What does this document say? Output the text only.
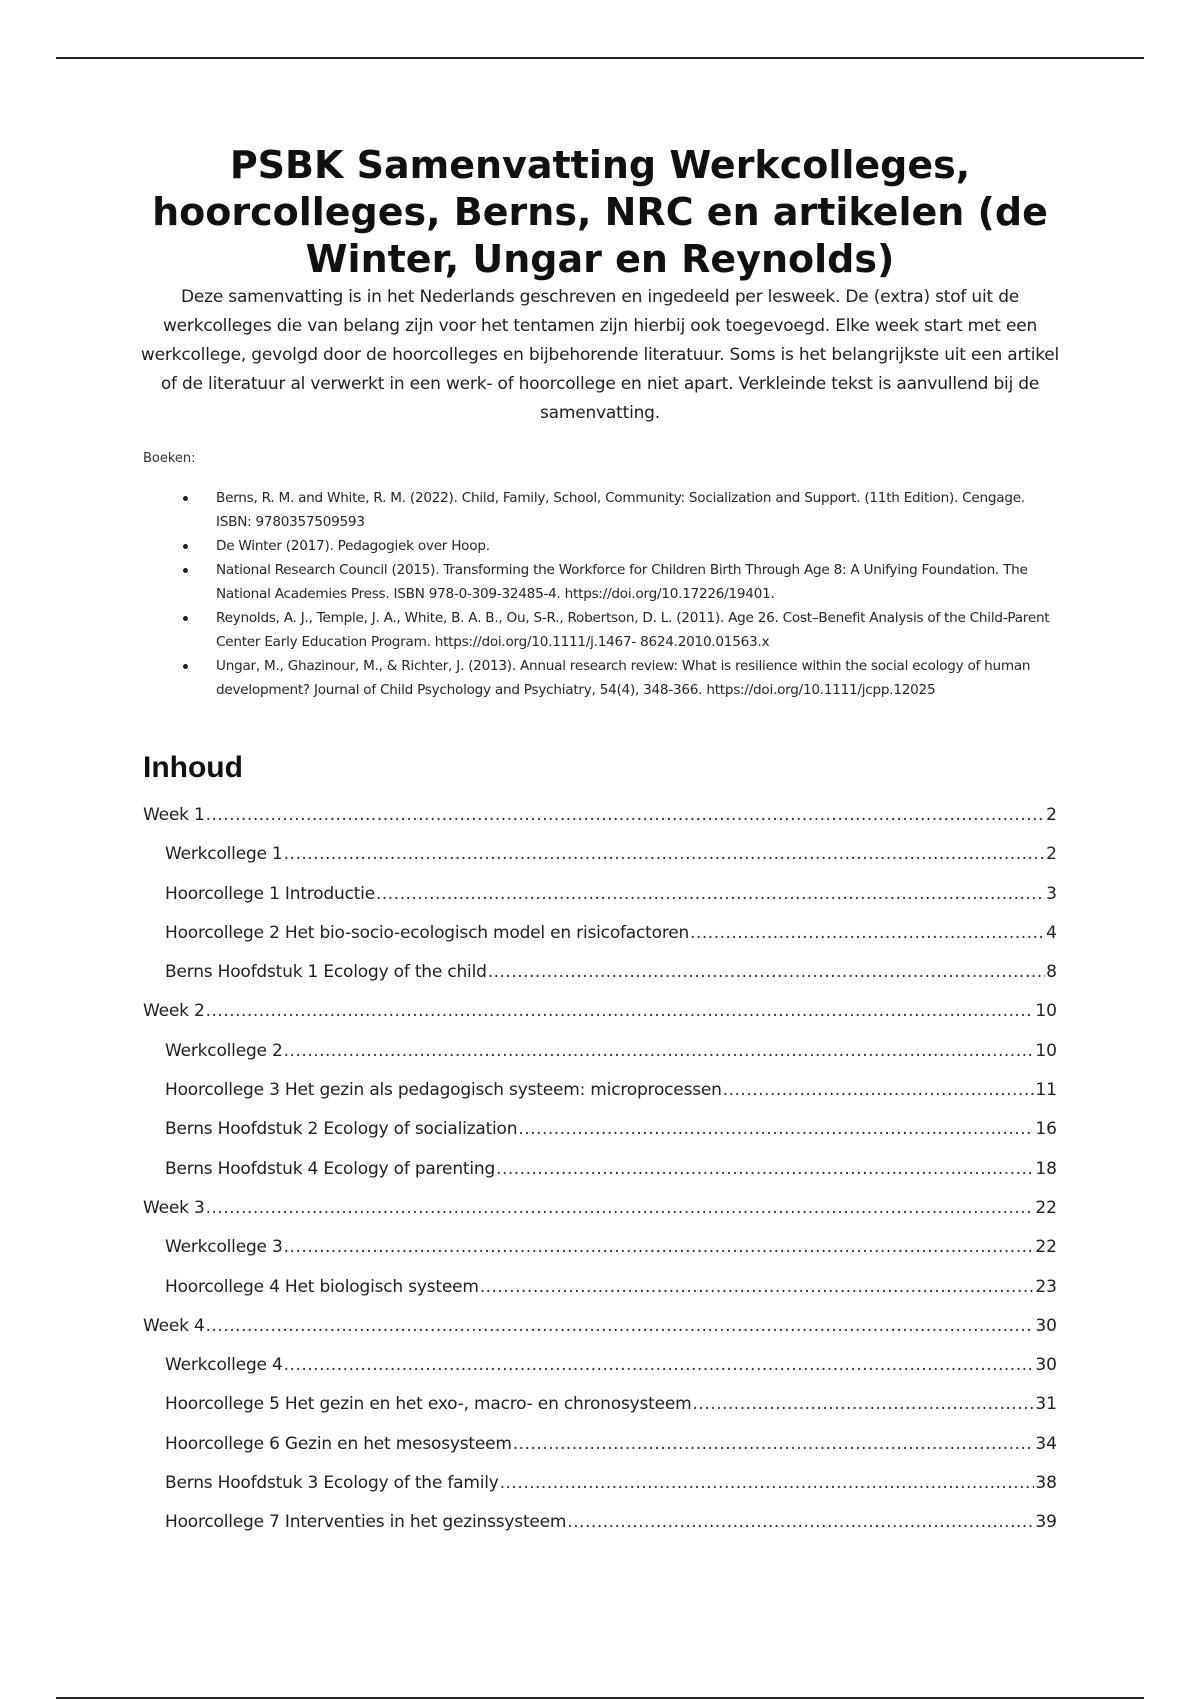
PSBK Samenvatting Werkcolleges, hoorcolleges, Berns, NRC en artikelen (de Winter, Ungar en Reynolds)

Deze samenvatting is in het Nederlands geschreven en ingedeeld per lesweek. De (extra) stof uit de werkcolleges die van belang zijn voor het tentamen zijn hierbij ook toegevoegd. Elke week start met een werkcollege, gevolgd door de hoorcolleges en bijbehorende literatuur. Soms is het belangrijkste uit een artikel of de literatuur al verwerkt in een werk- of hoorcollege en niet apart. Verkleinde tekst is aanvullend bij de samenvatting.

Boeken:

Berns, R. M. and White, R. M. (2022). Child, Family, School, Community: Socialization and Support. (11th Edition). Cengage. ISBN: 9780357509593
De Winter (2017). Pedagogiek over Hoop.
National Research Council (2015). Transforming the Workforce for Children Birth Through Age 8: A Unifying Foundation. The National Academies Press. ISBN 978-0-309-32485-4. https://doi.org/10.17226/19401.
Reynolds, A. J., Temple, J. A., White, B. A. B., Ou, S-R., Robertson, D. L. (2011). Age 26. Cost–Benefit Analysis of the Child-Parent Center Early Education Program. https://doi.org/10.1111/j.1467- 8624.2010.01563.x
Ungar, M., Ghazinour, M., & Richter, J. (2013). Annual research review: What is resilience within the social ecology of human development? Journal of Child Psychology and Psychiatry, 54(4), 348-366. https://doi.org/10.1111/jcpp.12025
Inhoud
Week 1 .....	2
Werkcollege 1 .....	2
Hoorcollege 1 Introductie .....	3
Hoorcollege 2 Het bio-socio-ecologisch model en risicofactoren .....	4
Berns Hoofdstuk 1 Ecology of the child .....	8
Week 2 .....	10
Werkcollege 2 .....	10
Hoorcollege 3 Het gezin als pedagogisch systeem: microprocessen .....	11
Berns Hoofdstuk 2 Ecology of socialization .....	16
Berns Hoofdstuk 4 Ecology of parenting .....	18
Week 3 .....	22
Werkcollege 3 .....	22
Hoorcollege 4 Het biologisch systeem .....	23
Week 4 .....	30
Werkcollege 4 .....	30
Hoorcollege 5 Het gezin en het exo-, macro- en chronosysteem .....	31
Hoorcollege 6 Gezin en het mesosysteem .....	34
Berns Hoofdstuk 3 Ecology of the family .....	38
Hoorcollege 7 Interventies in het gezinssysteem .....	39
